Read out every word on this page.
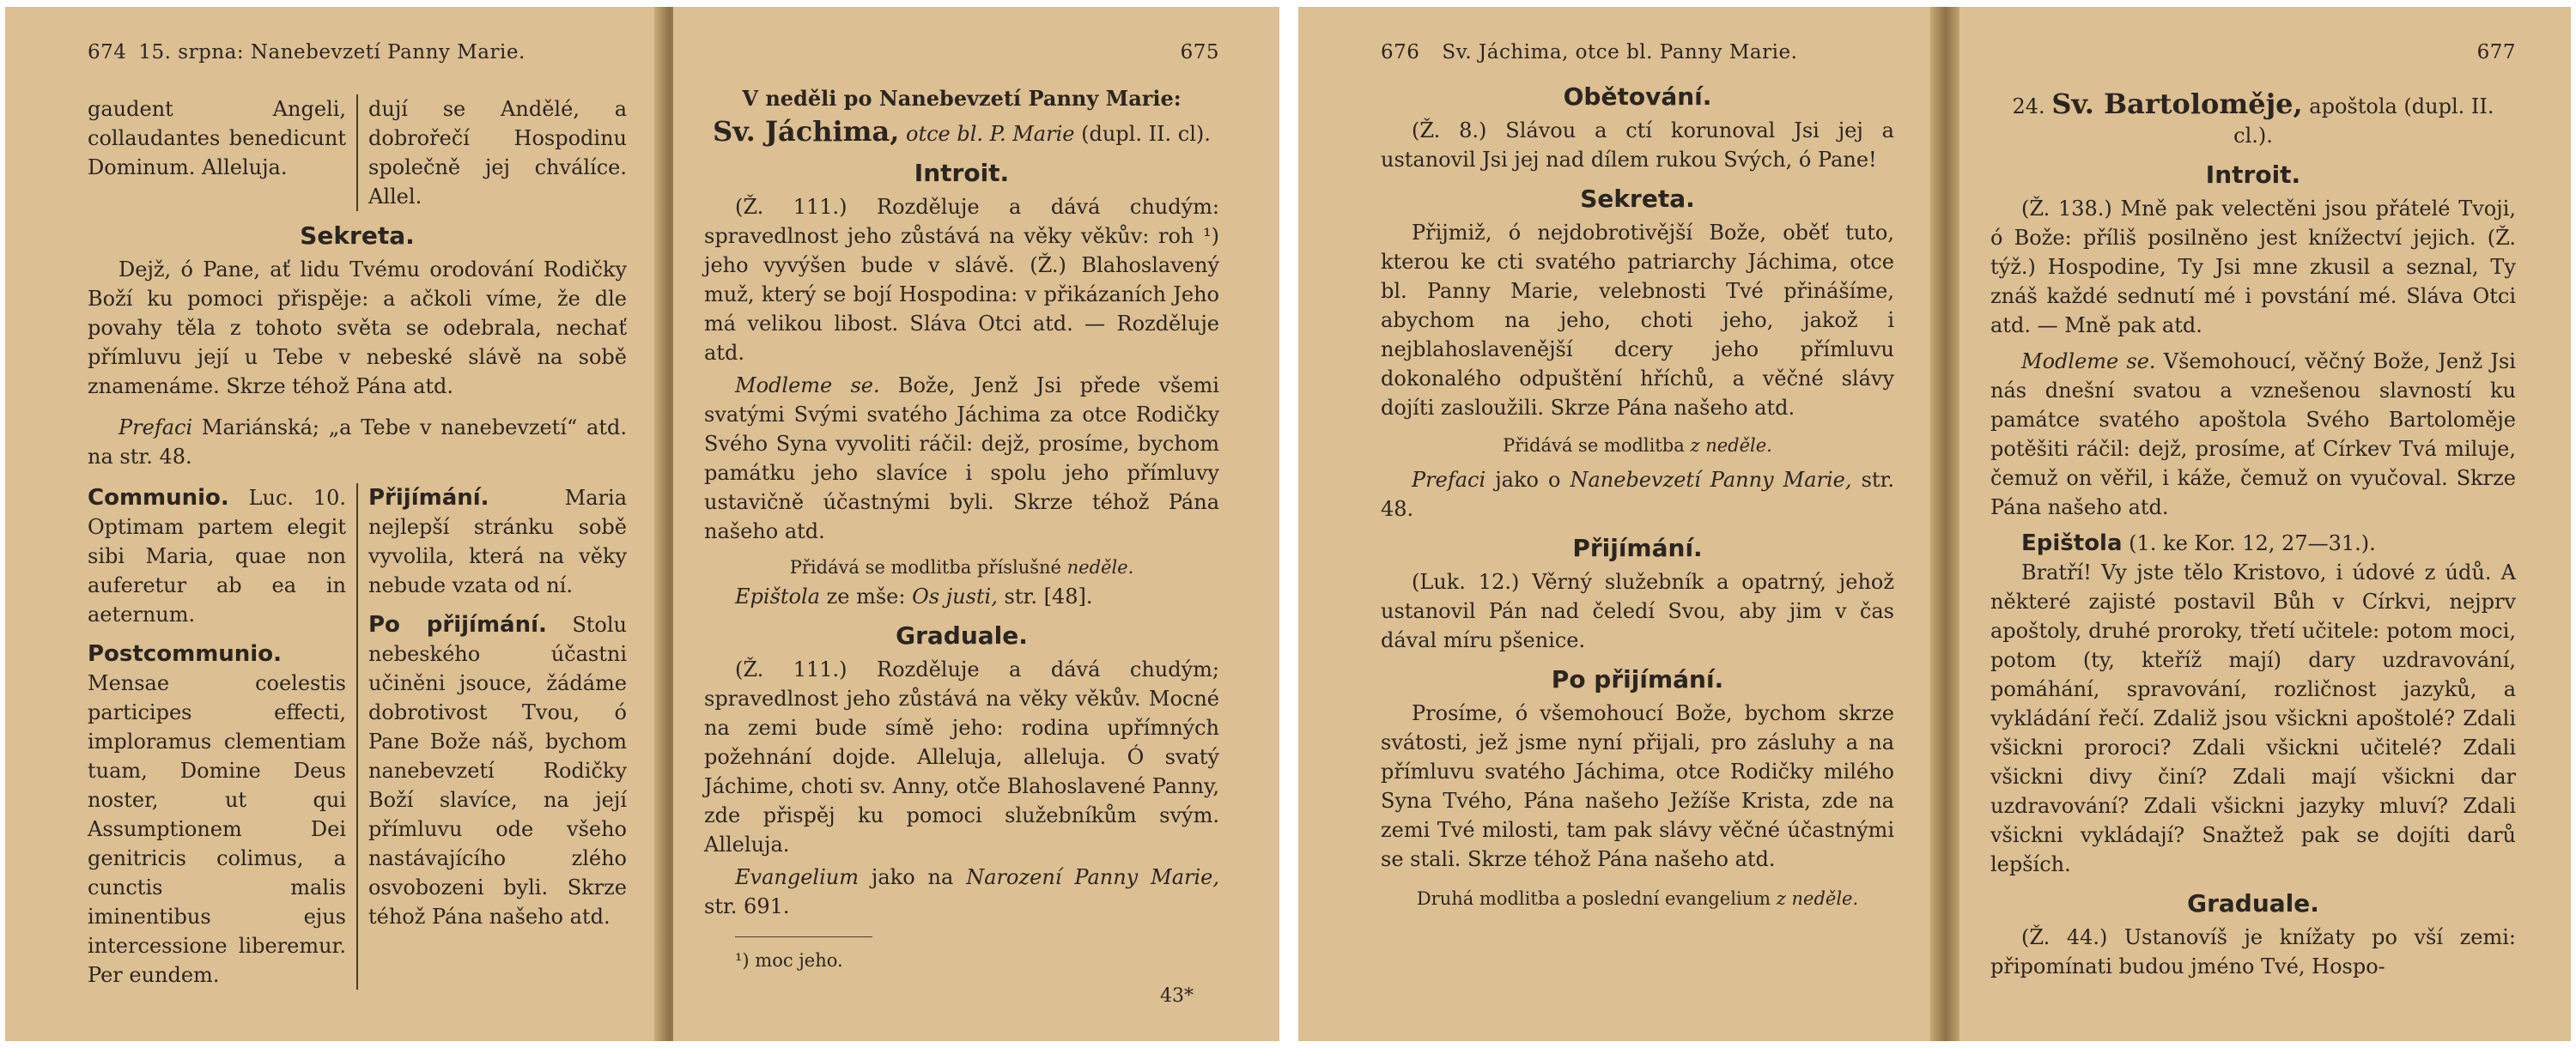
674 15. srpna: Nanebevzetí Panny Marie.

gaudent Angeli, collaudantes benedicunt Dominum. Alleluja.

dují se Andělé, a dobrořečí Hospodinu společně jej chválíce. Allel.

Sekreta.

Dejž, ó Pane, ať lidu Tvému orodování Rodičky Boží ku pomoci přispěje: a ačkoli víme, že dle povahy těla z tohoto světa se odebrala, nechať přímluvu její u Tebe v nebeské slávě na sobě znamenáme. Skrze téhož Pána atd.

Prefaci Mariánská; „a Tebe v nanebevzetí“ atd. na str. 48.

Communio. Luc. 10. Optimam partem elegit sibi Maria, quae non auferetur ab ea in aeternum.

Postcommunio. Mensae coelestis participes effecti, imploramus clementiam tuam, Domine Deus noster, ut qui Assumptionem Dei genitricis colimus, a cunctis malis iminentibus ejus intercessione liberemur. Per eundem.

Přijímání.	Maria nejlepší stránku sobě vyvolila, která na věky nebude vzata od ní.

Po přijímání. Stolu nebeského účastni učiněni jsouce, žádáme dobrotivost Tvou, ó Pane Bože náš, bychom nanebevzetí Rodičky Boží slavíce, na její přímluvu ode všeho nastávajícího zlého osvobozeni byli. Skrze téhož Pána našeho atd.

675

V neděli po Nanebevzetí Panny Marie:

Sv. Jáchima, otce bl. P. Marie (dupl. II. cl).

Introit.

(Ž. 111.) Rozděluje a dává chudým: spravedlnost jeho zůstává na věky věkův: roh ¹) jeho vyvýšen bude v slávě. (Ž.) Blahoslavený muž, který se bojí Hospodina: v přikázaních Jeho má velikou libost. Sláva Otci atd. — Rozděluje atd.

Modleme se. Bože, Jenž Jsi přede všemi svatými Svými svatého Jáchima za otce Rodičky Svého Syna vyvoliti ráčil: dejž, prosíme, bychom památku jeho slavíce i spolu jeho přímluvy ustavičně účastnými byli. Skrze téhož Pána našeho atd.

Přidává se modlitba příslušné neděle.

Epištola ze mše: Os justi, str. [48].

Graduale.

(Ž. 111.) Rozděluje a dává chudým; spravedlnost jeho zůstává na věky věkův. Mocné na zemi bude símě jeho: rodina upřímných požehnání dojde. Alleluja, alleluja. Ó svatý Jáchime, choti sv. Anny, otče Blahoslavené Panny, zde přispěj ku pomoci služebníkům svým. Alleluja.

Evangelium jako na Narození Panny Marie, str. 691.

¹) moc jeho.

43*

676 Sv. Jáchima, otce bl. Panny Marie.
Obětování.

(Ž. 8.) Slávou a ctí korunoval Jsi jej a ustanovil Jsi jej nad dílem rukou Svých, ó Pane!

Sekreta.

Přijmiž, ó nejdobrotivější Bože, oběť tuto, kterou ke cti svatého patriarchy Jáchima, otce bl. Panny Marie, velebnosti Tvé přinášíme, abychom na jeho, choti jeho, jakož i nejblahoslavenější dcery jeho přímluvu dokonalého odpuštění hříchů, a věčné slávy dojíti zasloužili. Skrze Pána našeho atd.

Přidává se modlitba z neděle.

Prefaci jako o Nanebevzetí Panny Marie, str. 48.

Přijímání.

(Luk. 12.) Věrný služebník a opatrný, jehož ustanovil Pán nad čeledí Svou, aby jim v čas dával míru pšenice.

Po přijímání.

Prosíme, ó všemohoucí Bože, bychom skrze svátosti, jež jsme nyní přijali, pro zásluhy a na přímluvu svatého Jáchima, otce Rodičky milého Syna Tvého, Pána našeho Ježíše Krista, zde na zemi Tvé milosti, tam pak slávy věčné účastnými se stali. Skrze téhož Pána našeho atd.

Druhá modlitba a poslední evangelium z neděle.

677

24. Sv. Bartoloměje, apoštola (dupl. II. cl.).

Introit.

(Ž. 138.) Mně pak velectěni jsou přátelé Tvoji, ó Bože: příliš posilněno jest knížectví jejich. (Ž. týž.) Hospodine, Ty Jsi mne zkusil a seznal, Ty znáš každé sednutí mé i povstání mé. Sláva Otci atd. — Mně pak atd.

Modleme se. Všemohoucí, věčný Bože, Jenž Jsi nás dnešní svatou a vznešenou slavností ku památce svatého apoštola Svého Bartoloměje potěšiti ráčil: dejž, prosíme, ať Církev Tvá miluje, čemuž on věřil, i káže, čemuž on vyučoval. Skrze Pána našeho atd.

Epištola (1. ke Kor. 12, 27—31.).

Bratří! Vy jste tělo Kristovo, i údové z údů. A některé zajisté postavil Bůh v Církvi, nejprv apoštoly, druhé proroky, třetí učitele: potom moci, potom (ty, kteříž mají) dary uzdravování, pomáhání, spravování, rozličnost jazyků, a vykládání řečí. Zdaliž jsou všickni apoštolé? Zdali všickni proroci? Zdali všickni učitelé? Zdali všickni divy činí? Zdali mají všickni dar uzdravování? Zdali všickni jazyky mluví? Zdali všickni vykládají? Snažtež pak se dojíti darů lepších.

Graduale.

(Ž. 44.) Ustanovíš je knížaty po vší zemi: připomínati budou jméno Tvé, Hospo-
